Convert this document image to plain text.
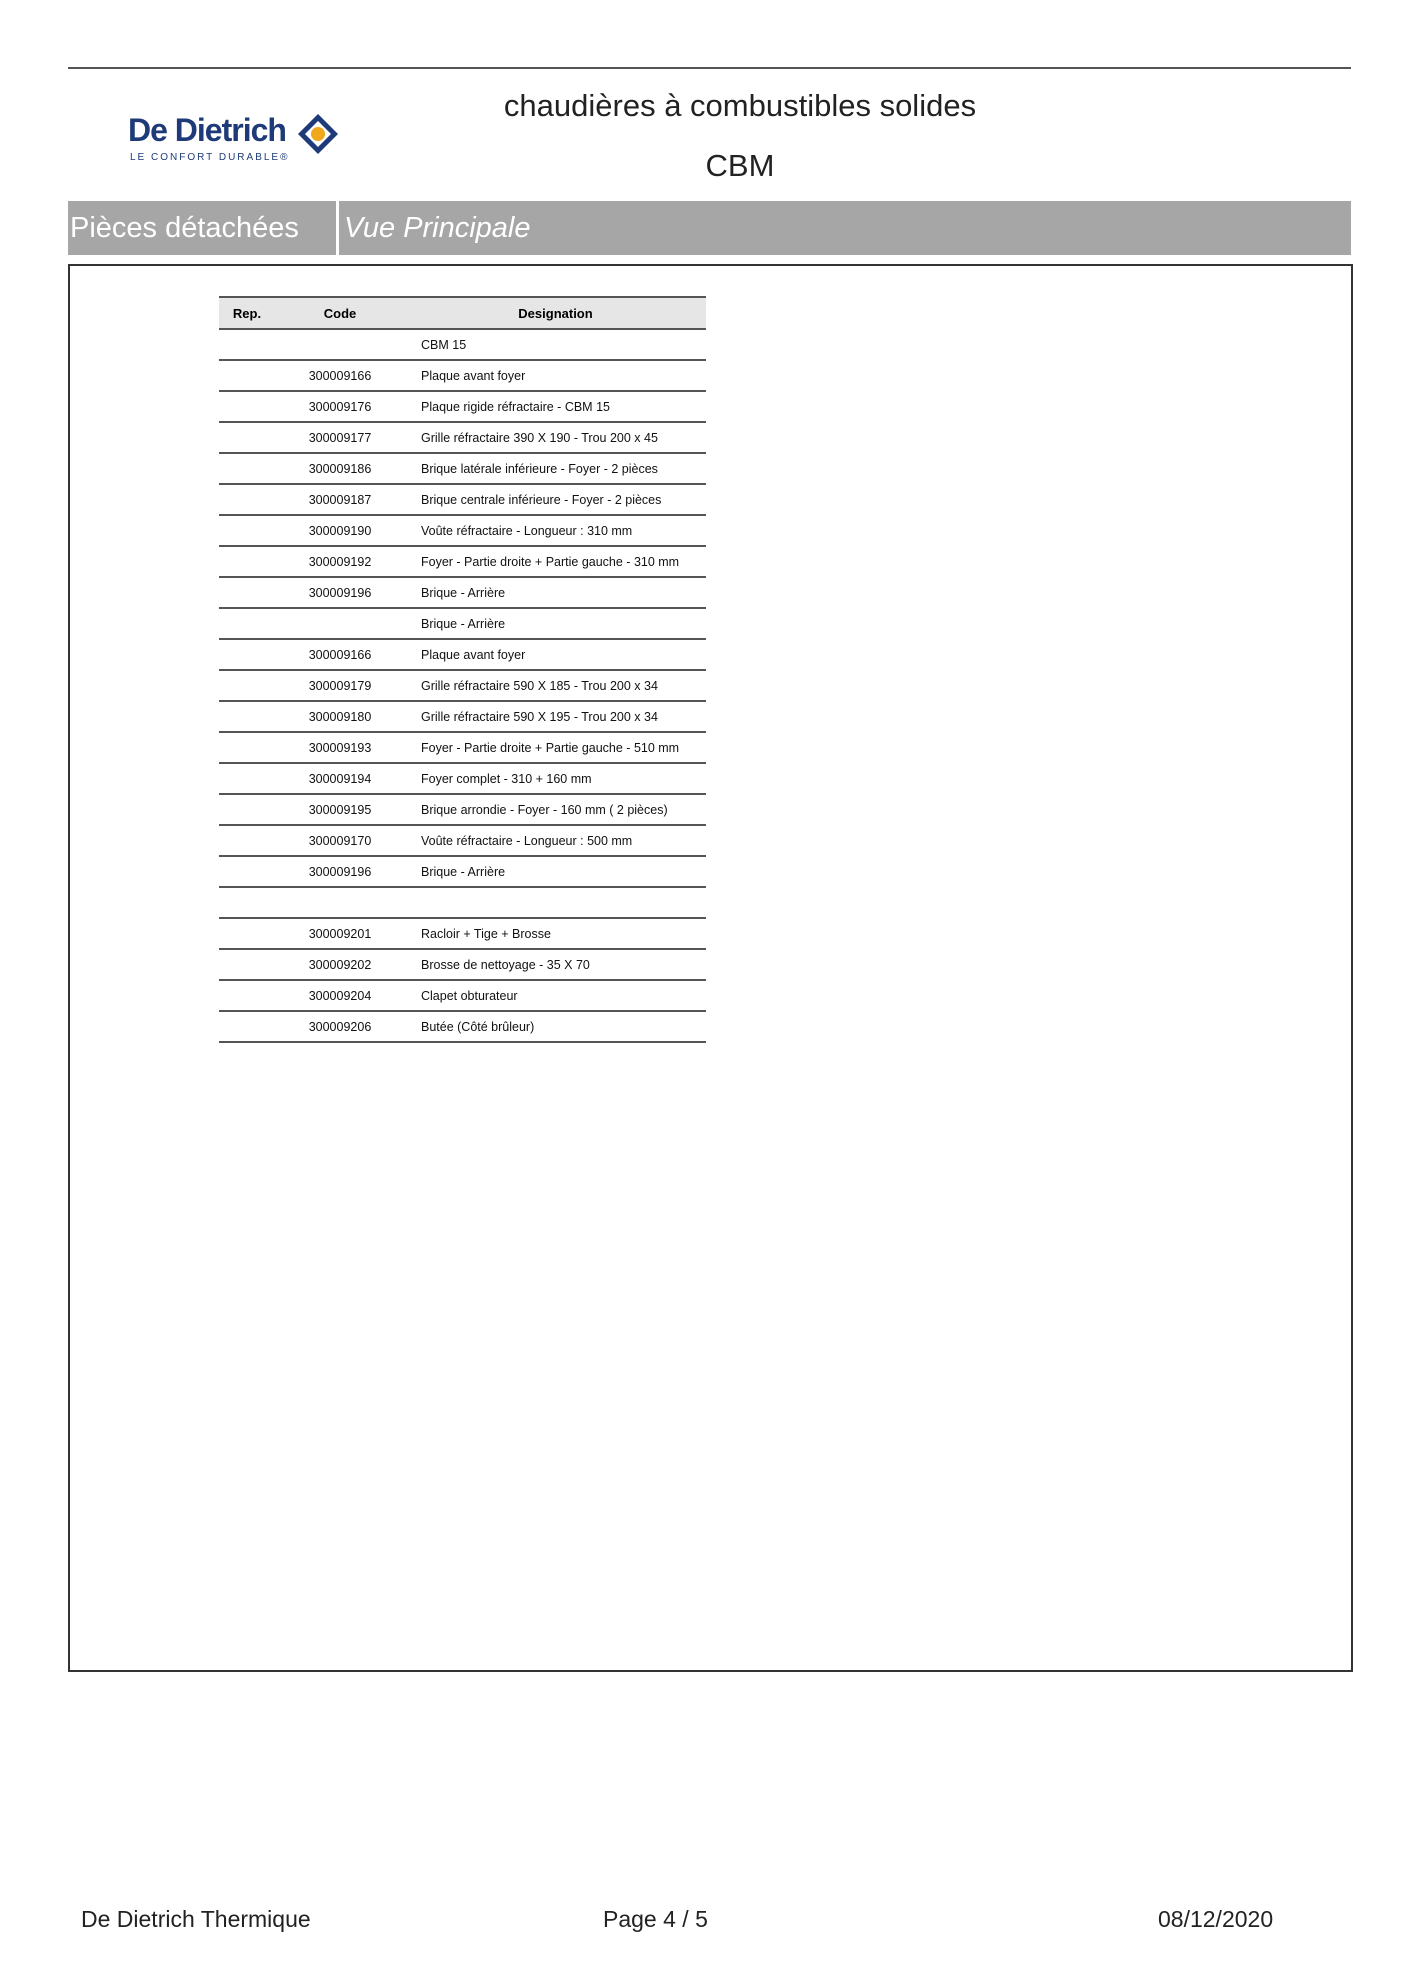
De Dietrich
LE CONFORT DURABLE®
chaudières à combustibles solides
CBM
Pièces détachées	Vue Principale
Rep.	Code	Designation
		CBM 15
	300009166	Plaque avant foyer
	300009176	Plaque rigide réfractaire - CBM 15
	300009177	Grille réfractaire 390 X 190 - Trou 200 x 45
	300009186	Brique latérale inférieure - Foyer - 2 pièces
	300009187	Brique centrale inférieure - Foyer - 2 pièces
	300009190	Voûte réfractaire - Longueur : 310 mm
	300009192	Foyer - Partie droite + Partie gauche - 310 mm
	300009196	Brique - Arrière
		Brique - Arrière
	300009166	Plaque avant foyer
	300009179	Grille réfractaire 590 X 185 - Trou 200 x 34
	300009180	Grille réfractaire 590 X 195 - Trou 200 x 34
	300009193	Foyer - Partie droite + Partie gauche - 510 mm
	300009194	Foyer complet - 310 + 160 mm
	300009195	Brique arrondie - Foyer - 160 mm ( 2 pièces)
	300009170	Voûte réfractaire - Longueur : 500 mm
	300009196	Brique - Arrière

	300009201	Racloir + Tige + Brosse
	300009202	Brosse de nettoyage - 35 X 70
	300009204	Clapet obturateur
	300009206	Butée (Côté brûleur)
De Dietrich Thermique	Page 4 / 5	08/12/2020
